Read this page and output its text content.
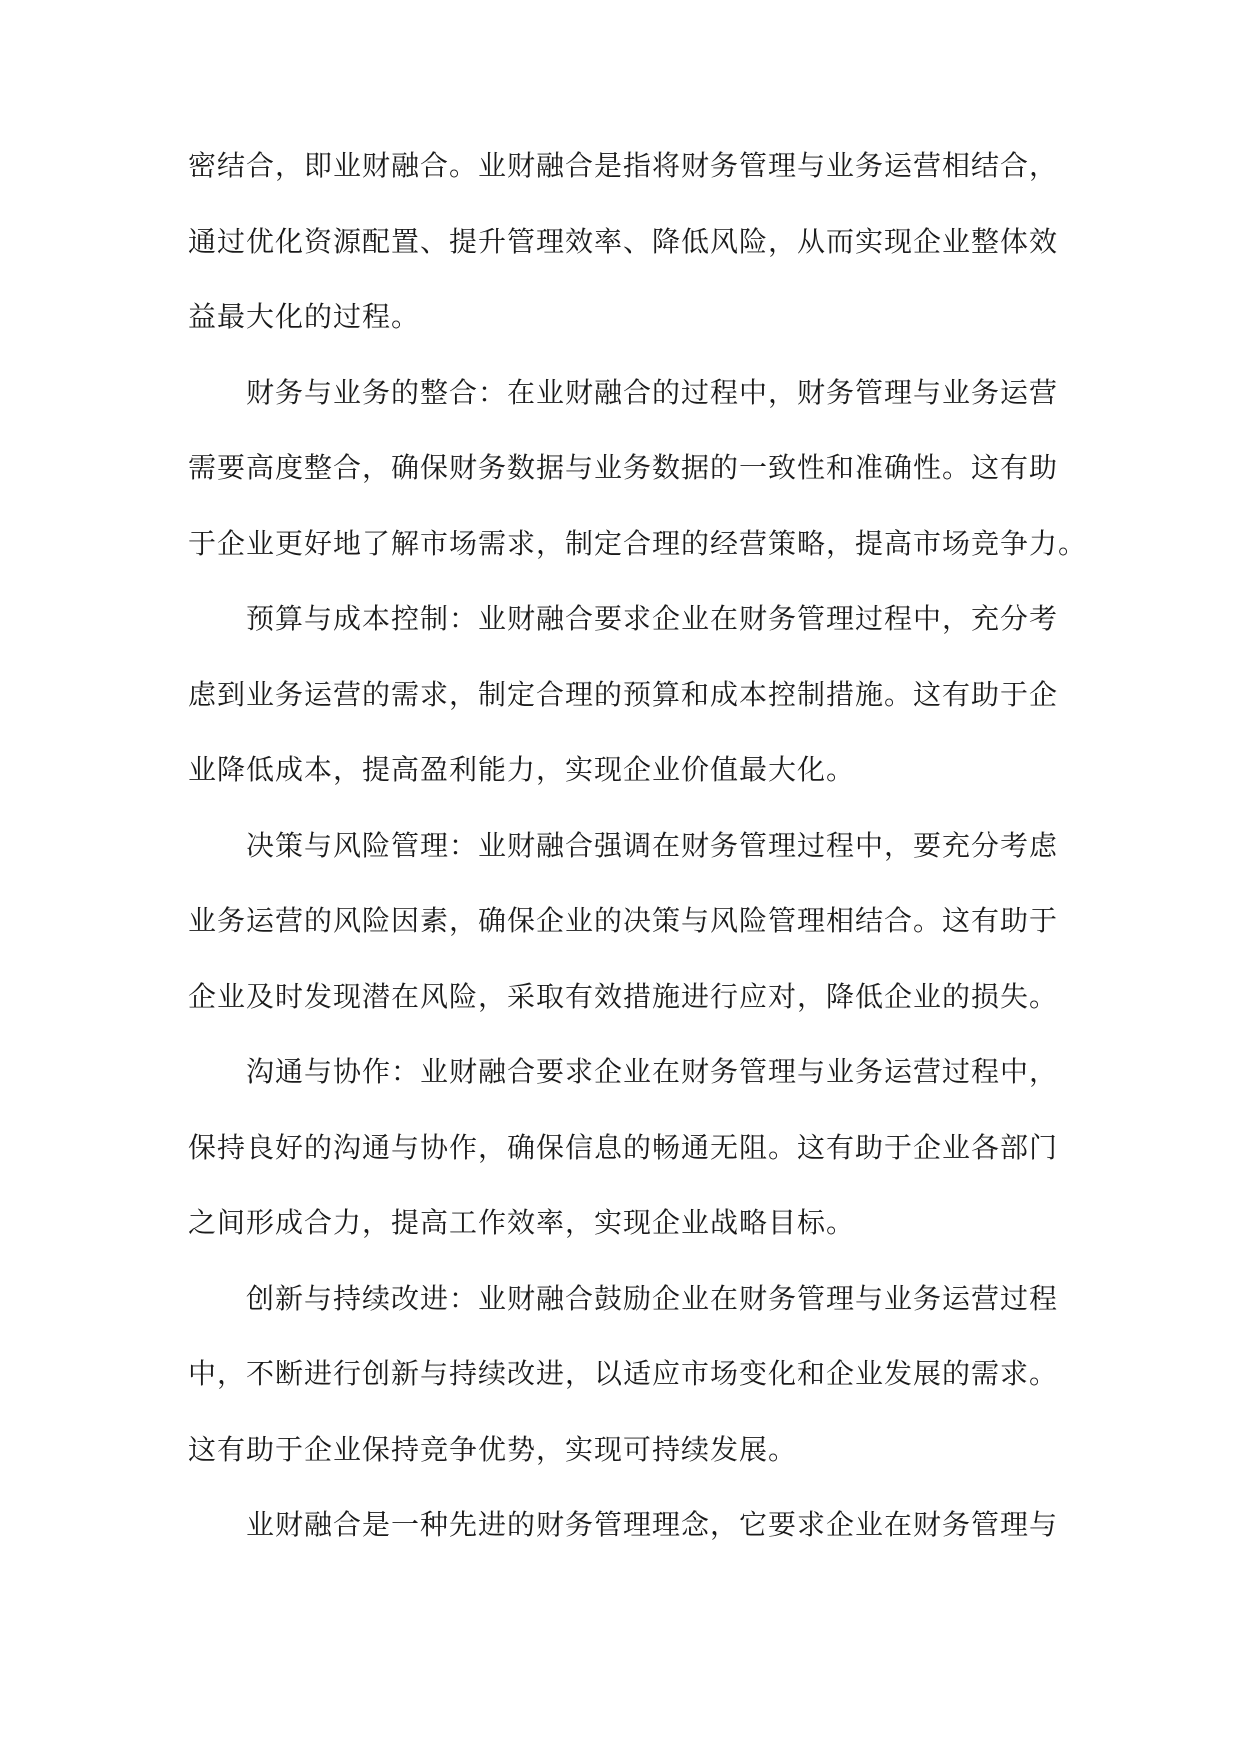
密结合，即业财融合。业财融合是指将财务管理与业务运营相结合，
通过优化资源配置、提升管理效率、降低风险，从而实现企业整体效
益最大化的过程。
财务与业务的整合：在业财融合的过程中，财务管理与业务运营
需要高度整合，确保财务数据与业务数据的一致性和准确性。这有助
于企业更好地了解市场需求，制定合理的经营策略，提高市场竞争力。
预算与成本控制：业财融合要求企业在财务管理过程中，充分考
虑到业务运营的需求，制定合理的预算和成本控制措施。这有助于企
业降低成本，提高盈利能力，实现企业价值最大化。
决策与风险管理：业财融合强调在财务管理过程中，要充分考虑
业务运营的风险因素，确保企业的决策与风险管理相结合。这有助于
企业及时发现潜在风险，采取有效措施进行应对，降低企业的损失。
沟通与协作：业财融合要求企业在财务管理与业务运营过程中，
保持良好的沟通与协作，确保信息的畅通无阻。这有助于企业各部门
之间形成合力，提高工作效率，实现企业战略目标。
创新与持续改进：业财融合鼓励企业在财务管理与业务运营过程
中，不断进行创新与持续改进，以适应市场变化和企业发展的需求。
这有助于企业保持竞争优势，实现可持续发展。
业财融合是一种先进的财务管理理念，它要求企业在财务管理与
